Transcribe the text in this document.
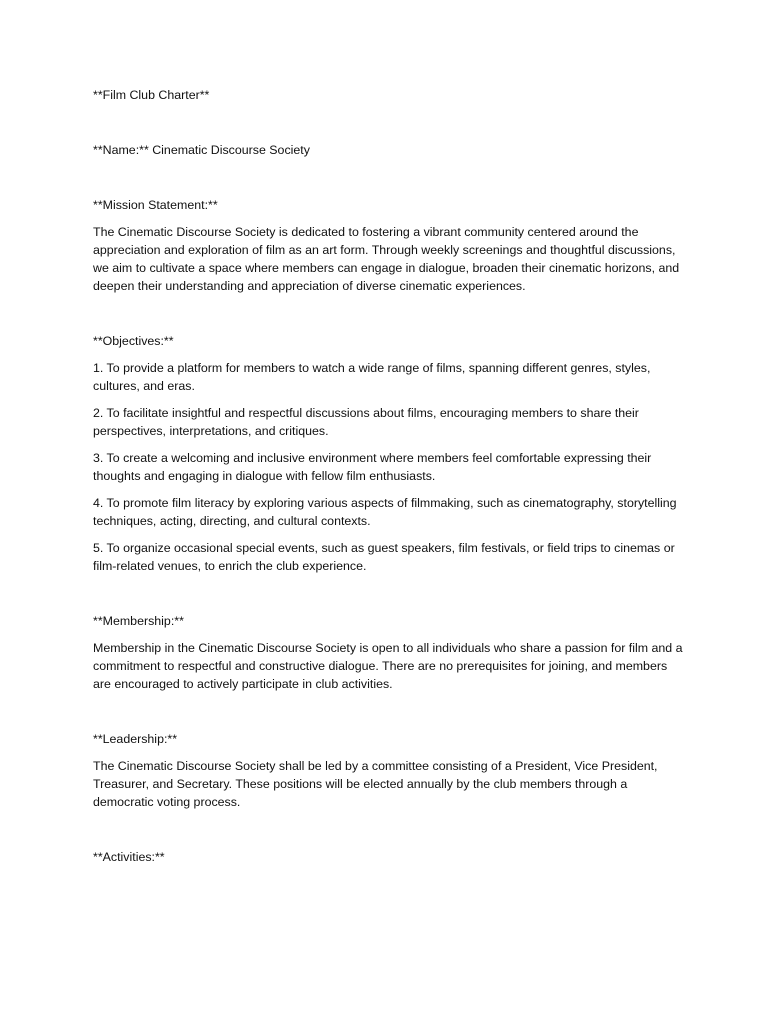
**Film Club Charter**

**Name:** Cinematic Discourse Society

**Mission Statement:**

The Cinematic Discourse Society is dedicated to fostering a vibrant community centered around the appreciation and exploration of film as an art form. Through weekly screenings and thoughtful discussions, we aim to cultivate a space where members can engage in dialogue, broaden their cinematic horizons, and deepen their understanding and appreciation of diverse cinematic experiences.

**Objectives:**

1. To provide a platform for members to watch a wide range of films, spanning different genres, styles, cultures, and eras.

2. To facilitate insightful and respectful discussions about films, encouraging members to share their perspectives, interpretations, and critiques.

3. To create a welcoming and inclusive environment where members feel comfortable expressing their thoughts and engaging in dialogue with fellow film enthusiasts.

4. To promote film literacy by exploring various aspects of filmmaking, such as cinematography, storytelling techniques, acting, directing, and cultural contexts.

5. To organize occasional special events, such as guest speakers, film festivals, or field trips to cinemas or film-related venues, to enrich the club experience.

**Membership:**

Membership in the Cinematic Discourse Society is open to all individuals who share a passion for film and a commitment to respectful and constructive dialogue. There are no prerequisites for joining, and members are encouraged to actively participate in club activities.

**Leadership:**

The Cinematic Discourse Society shall be led by a committee consisting of a President, Vice President, Treasurer, and Secretary. These positions will be elected annually by the club members through a democratic voting process.

**Activities:**
